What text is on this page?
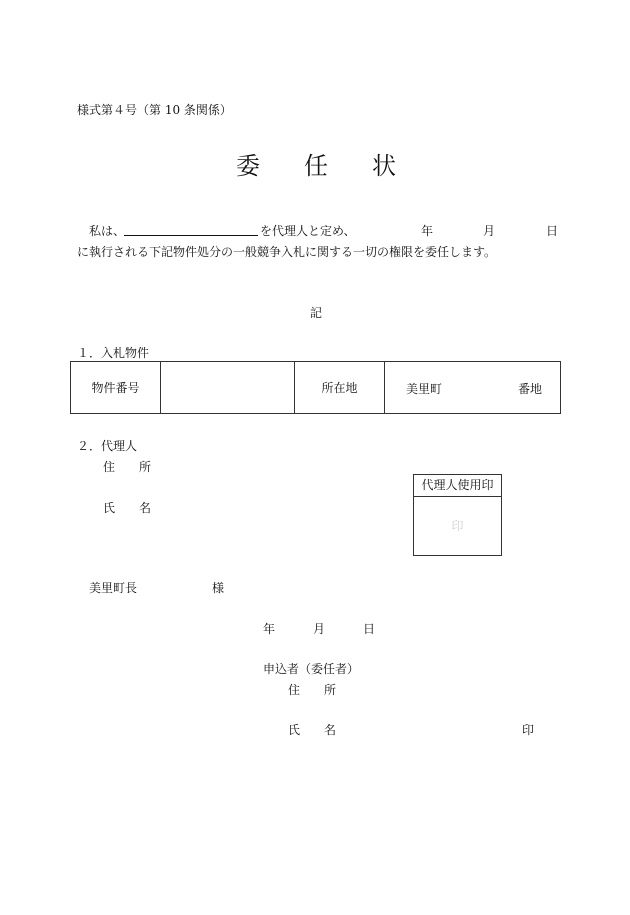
様式第４号（第 10 条関係）
委 任 状
私は、	を代理人と定め、	年	月	日
に執行される下記物件処分の一般競争入札に関する一切の権限を委任します。
記
１．入札物件
物件番号		所在地	美里町	番地
２．代理人
住　　所
氏　　名
代理人使用印
印
美里町長	様
年	月	日
申込者（委任者）
住　　所
氏　　名	印
